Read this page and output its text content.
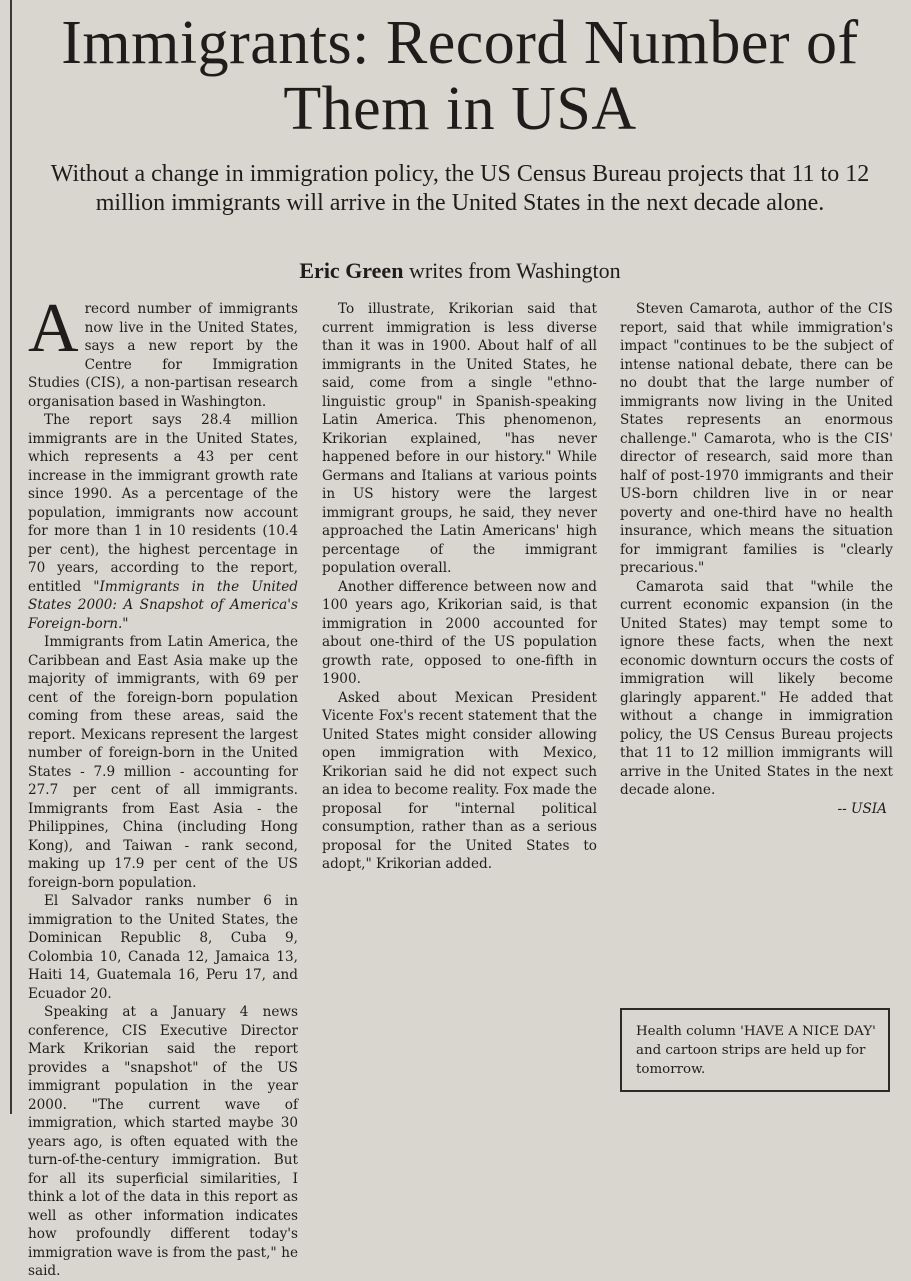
Immigrants: Record Number of Them in USA

Without a change in immigration policy, the US Census Bureau projects that 11 to 12 million immigrants will arrive in the United States in the next decade alone.

Eric Green writes from Washington

Arecord number of immigrants now live in the United States, says a new report by the Centre for Immigration Studies (CIS), a non-partisan research organisation based in Washington.

The report says 28.4 million immigrants are in the United States, which represents a 43 per cent increase in the immigrant growth rate since 1990. As a percentage of the population, immigrants now account for more than 1 in 10 residents (10.4 per cent), the highest percentage in 70 years, according to the report, entitled "Immigrants in the United States 2000: A Snapshot of America's Foreign-born."

Immigrants from Latin America, the Caribbean and East Asia make up the majority of immigrants, with 69 per cent of the foreign-born population coming from these areas, said the report. Mexicans represent the largest number of foreign-born in the United States - 7.9 million - accounting for 27.7 per cent of all immigrants. Immigrants from East Asia - the Philippines, China (including Hong Kong), and Taiwan - rank second, making up 17.9 per cent of the US foreign-born population.

El Salvador ranks number 6 in immigration to the United States, the Dominican Republic 8, Cuba 9, Colombia 10, Canada 12, Jamaica 13, Haiti 14, Guatemala 16, Peru 17, and Ecuador 20.

Speaking at a January 4 news conference, CIS Executive Director Mark Krikorian said the report provides a "snapshot" of the US immigrant population in the year 2000. "The current wave of immigration, which started maybe 30 years ago, is often equated with the turn-of-the-century immigration. But for all its superficial similarities, I think a lot of the data in this report as well as other information indicates how profoundly different today's immigration wave is from the past," he said.

To illustrate, Krikorian said that current immigration is less diverse than it was in 1900. About half of all immigrants in the United States, he said, come from a single "ethno-linguistic group" in Spanish-speaking Latin America. This phenomenon, Krikorian explained, "has never happened before in our history." While Germans and Italians at various points in US history were the largest immigrant groups, he said, they never approached the Latin Americans' high percentage of the immigrant population overall.

Another difference between now and 100 years ago, Krikorian said, is that immigration in 2000 accounted for about one-third of the US population growth rate, opposed to one-fifth in 1900.

Asked about Mexican President Vicente Fox's recent statement that the United States might consider allowing open immigration with Mexico, Krikorian said he did not expect such an idea to become reality. Fox made the proposal for "internal political consumption, rather than as a serious proposal for the United States to adopt," Krikorian added.

Steven Camarota, author of the CIS report, said that while immigration's impact "continues to be the subject of intense national debate, there can be no doubt that the large number of immigrants now living in the United States represents an enormous challenge." Camarota, who is the CIS' director of research, said more than half of post-1970 immigrants and their US-born children live in or near poverty and one-third have no health insurance, which means the situation for immigrant families is "clearly precarious."

Camarota said that "while the current economic expansion (in the United States) may tempt some to ignore these facts, when the next economic downturn occurs the costs of immigration will likely become glaringly apparent." He added that without a change in immigration policy, the US Census Bureau projects that 11 to 12 million immigrants will arrive in the United States in the next decade alone.

-- USIA

Health column 'HAVE A NICE DAY' and cartoon strips are held up for tomorrow.
